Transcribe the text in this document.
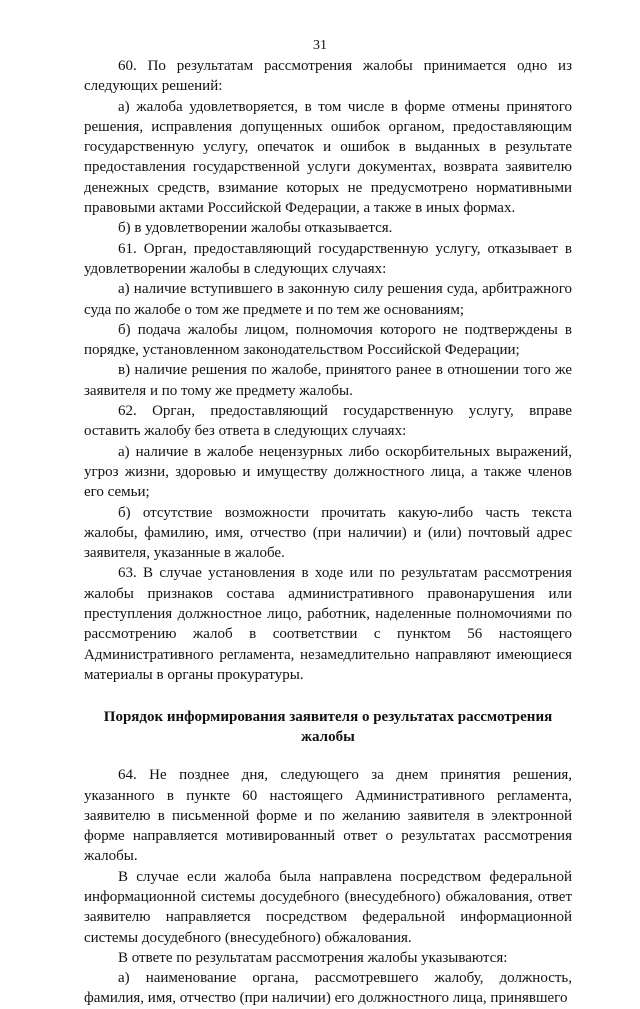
31

60. По результатам рассмотрения жалобы принимается одно из следующих решений:

а) жалоба удовлетворяется, в том числе в форме отмены принятого решения, исправления допущенных ошибок органом, предоставляющим государственную услугу, опечаток и ошибок в выданных в результате предоставления государственной услуги документах, возврата заявителю денежных средств, взимание которых не предусмотрено нормативными правовыми актами Российской Федерации, а также в иных формах.

б) в удовлетворении жалобы отказывается.

61. Орган, предоставляющий государственную услугу, отказывает в удовлетворении жалобы в следующих случаях:

а) наличие вступившего в законную силу решения суда, арбитражного суда по жалобе о том же предмете и по тем же основаниям;

б) подача жалобы лицом, полномочия которого не подтверждены в порядке, установленном законодательством Российской Федерации;

в) наличие решения по жалобе, принятого ранее в отношении того же заявителя и по тому же предмету жалобы.

62. Орган, предоставляющий государственную услугу, вправе оставить жалобу без ответа в следующих случаях:

а) наличие в жалобе нецензурных либо оскорбительных выражений, угроз жизни, здоровью и имуществу должностного лица, а также членов его семьи;

б) отсутствие возможности прочитать какую-либо часть текста жалобы, фамилию, имя, отчество (при наличии) и (или) почтовый адрес заявителя, указанные в жалобе.

63. В случае установления в ходе или по результатам рассмотрения жалобы признаков состава административного правонарушения или преступления должностное лицо, работник, наделенные полномочиями по рассмотрению жалоб в соответствии с пунктом 56 настоящего Административного регламента, незамедлительно направляют имеющиеся материалы в органы прокуратуры.

Порядок информирования заявителя о результатах рассмотрения жалобы

64. Не позднее дня, следующего за днем принятия решения, указанного в пункте 60 настоящего Административного регламента, заявителю в письменной форме и по желанию заявителя в электронной форме направляется мотивированный ответ о результатах рассмотрения жалобы.

В случае если жалоба была направлена посредством федеральной информационной системы досудебного (внесудебного) обжалования, ответ заявителю направляется посредством федеральной информационной системы досудебного (внесудебного) обжалования.

В ответе по результатам рассмотрения жалобы указываются:

а) наименование органа, рассмотревшего жалобу, должность, фамилия, имя, отчество (при наличии) его должностного лица, принявшего
